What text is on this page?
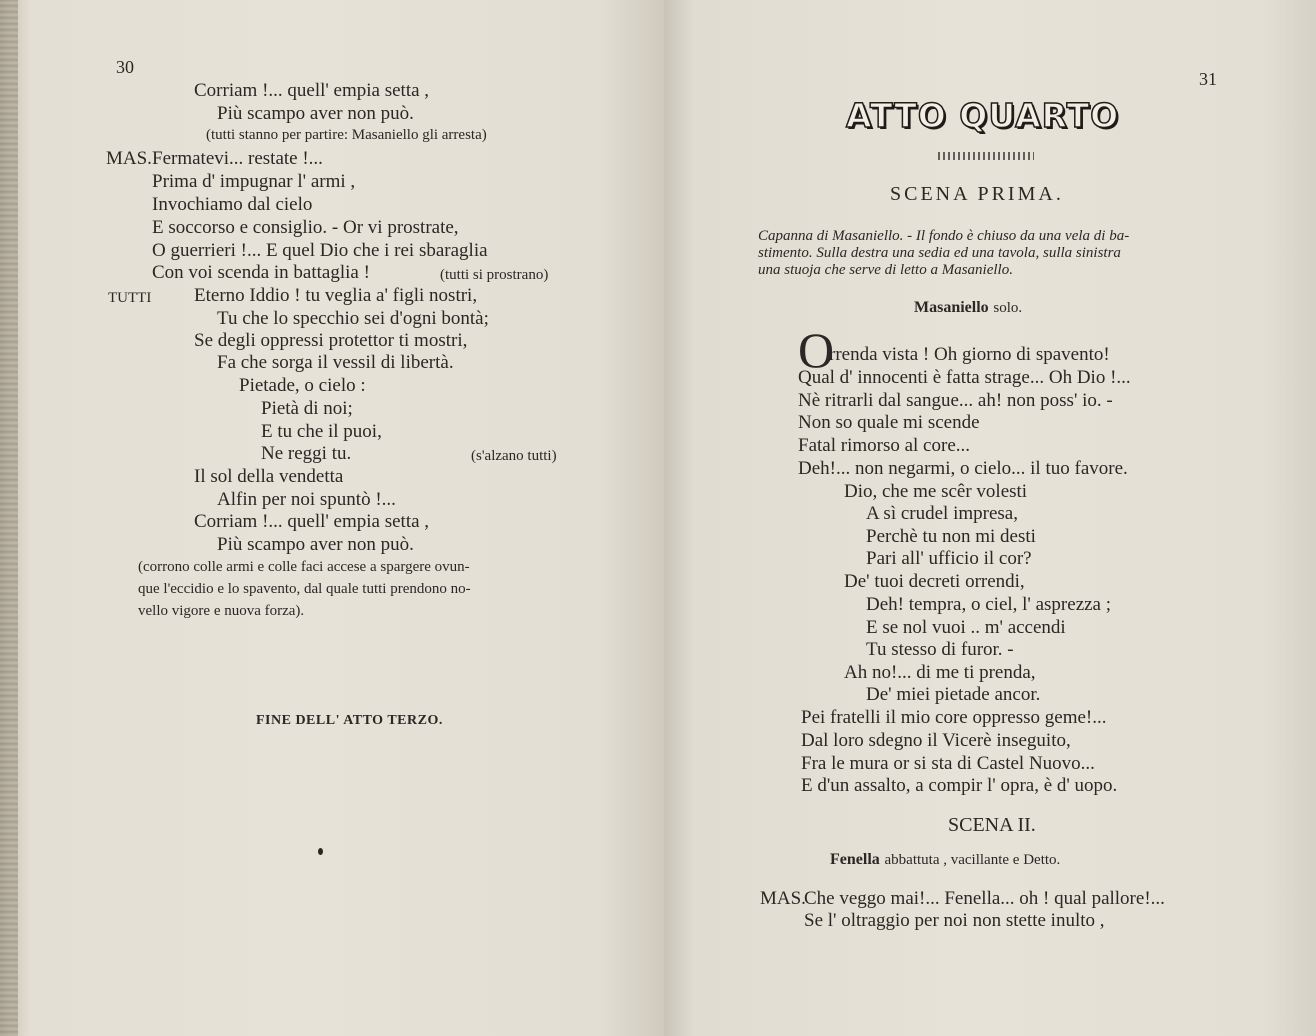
30
Corriam !... quell' empia setta ,
Più scampo aver non può.
(tutti stanno per partire: Masaniello gli arresta)
MAS. Fermatevi... restate !...
Prima d' impugnar l' armi ,
Invochiamo dal cielo
E soccorso e consiglio. - Or vi prostrate,
O guerrieri !... E quel Dio che i rei sbaraglia
Con voi scenda in battaglia !	(tutti si prostrano)
TUTTI Eterno Iddio ! tu veglia a' figli nostri,
Tu che lo specchio sei d'ogni bontà;
Se degli oppressi protettor ti mostri,
Fa che sorga il vessil di libertà.
Pietade, o cielo :
Pietà di noi;
E tu che il puoi,
Ne reggi tu.	(s'alzano tutti)
Il sol della vendetta
Alfin per noi spuntò !...
Corriam !... quell' empia setta ,
Più scampo aver non può.
(corrono colle armi e colle faci accese a spargere ovun-
que l'eccidio e lo spavento, dal quale tutti prendono no-
vello vigore e nuova forza).
FINE DELL' ATTO TERZO.
31
ATTO QUARTO
SCENA PRIMA.
Capanna di Masaniello. - Il fondo è chiuso da una vela di ba-
stimento. Sulla destra una sedia ed una tavola, sulla sinistra
una stuoja che serve di letto a Masaniello.
Masaniello solo.
O
rrenda vista ! Oh giorno di spavento!
Qual d' innocenti è fatta strage... Oh Dio !...
Nè ritrarli dal sangue... ah! non poss' io. -
Non so quale mi scende
Fatal rimorso al core...
Deh!... non negarmi, o cielo... il tuo favore.
Dio, che me scêr volesti
A sì crudel impresa,
Perchè tu non mi desti
Pari all' ufficio il cor?
De' tuoi decreti orrendi,
Deh! tempra, o ciel, l' asprezza ;
E se nol vuoi .. m' accendi
Tu stesso di furor. -
Ah no!... di me ti prenda,
De' miei pietade ancor.
Pei fratelli il mio core oppresso geme!...
Dal loro sdegno il Vicerè inseguito,
Fra le mura or si sta di Castel Nuovo...
E d'un assalto, a compir l' opra, è d' uopo.
SCENA II.
Fenella abbattuta , vacillante e Detto.
MAS.
Che veggo mai!... Fenella... oh ! qual pallore!...
Se l' oltraggio per noi non stette inulto ,
